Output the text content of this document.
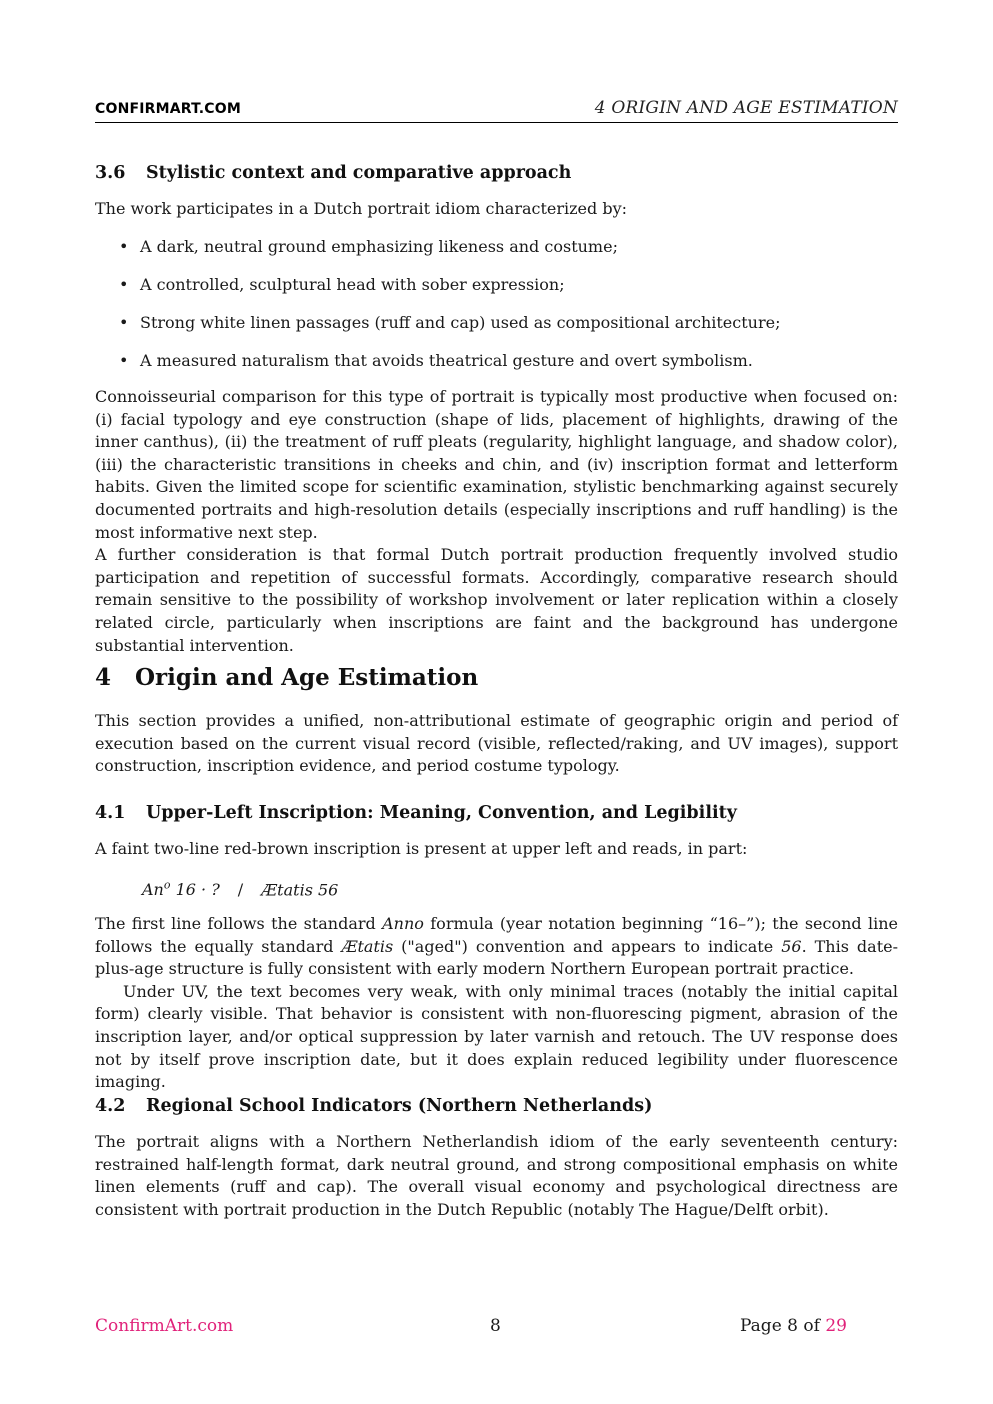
CONFIRMART.COM	4 ORIGIN AND AGE ESTIMATION
3.6 Stylistic context and comparative approach

The work participates in a Dutch portrait idiom characterized by:

• A dark, neutral ground emphasizing likeness and costume;
• A controlled, sculptural head with sober expression;
• Strong white linen passages (ruff and cap) used as compositional architecture;
• A measured naturalism that avoids theatrical gesture and overt symbolism.

Connoisseurial comparison for this type of portrait is typically most productive when focused on: (i) facial typology and eye construction (shape of lids, placement of highlights, drawing of the inner canthus), (ii) the treatment of ruff pleats (regularity, highlight language, and shadow color), (iii) the characteristic transitions in cheeks and chin, and (iv) inscription format and letterform habits. Given the limited scope for scientific examination, stylistic benchmarking against securely documented portraits and high-resolution details (especially inscriptions and ruff handling) is the most informative next step.

A further consideration is that formal Dutch portrait production frequently involved studio participation and repetition of successful formats. Accordingly, comparative research should remain sensitive to the possibility of workshop involvement or later replication within a closely related circle, particularly when inscriptions are faint and the background has undergone substantial intervention.

4 Origin and Age Estimation

This section provides a unified, non-attributional estimate of geographic origin and period of execution based on the current visual record (visible, reflected/raking, and UV images), support construction, inscription evidence, and period costume typology.

4.1 Upper-Left Inscription: Meaning, Convention, and Legibility

A faint two-line red-brown inscription is present at upper left and reads, in part:

An$^o$ 16 · ? / Ætatis 56

The first line follows the standard Anno formula (year notation beginning “16–”); the second line follows the equally standard Ætatis ("aged") convention and appears to indicate 56. This date-plus-age structure is fully consistent with early modern Northern European portrait practice.

Under UV, the text becomes very weak, with only minimal traces (notably the initial capital form) clearly visible. That behavior is consistent with non-fluorescing pigment, abrasion of the inscription layer, and/or optical suppression by later varnish and retouch. The UV response does not by itself prove inscription date, but it does explain reduced legibility under fluorescence imaging.

4.2 Regional School Indicators (Northern Netherlands)

The portrait aligns with a Northern Netherlandish idiom of the early seventeenth century: restrained half-length format, dark neutral ground, and strong compositional emphasis on white linen elements (ruff and cap). The overall visual economy and psychological directness are consistent with portrait production in the Dutch Republic (notably The Hague/Delft orbit).

ConfirmArt.com	8	Page 8 of 29
